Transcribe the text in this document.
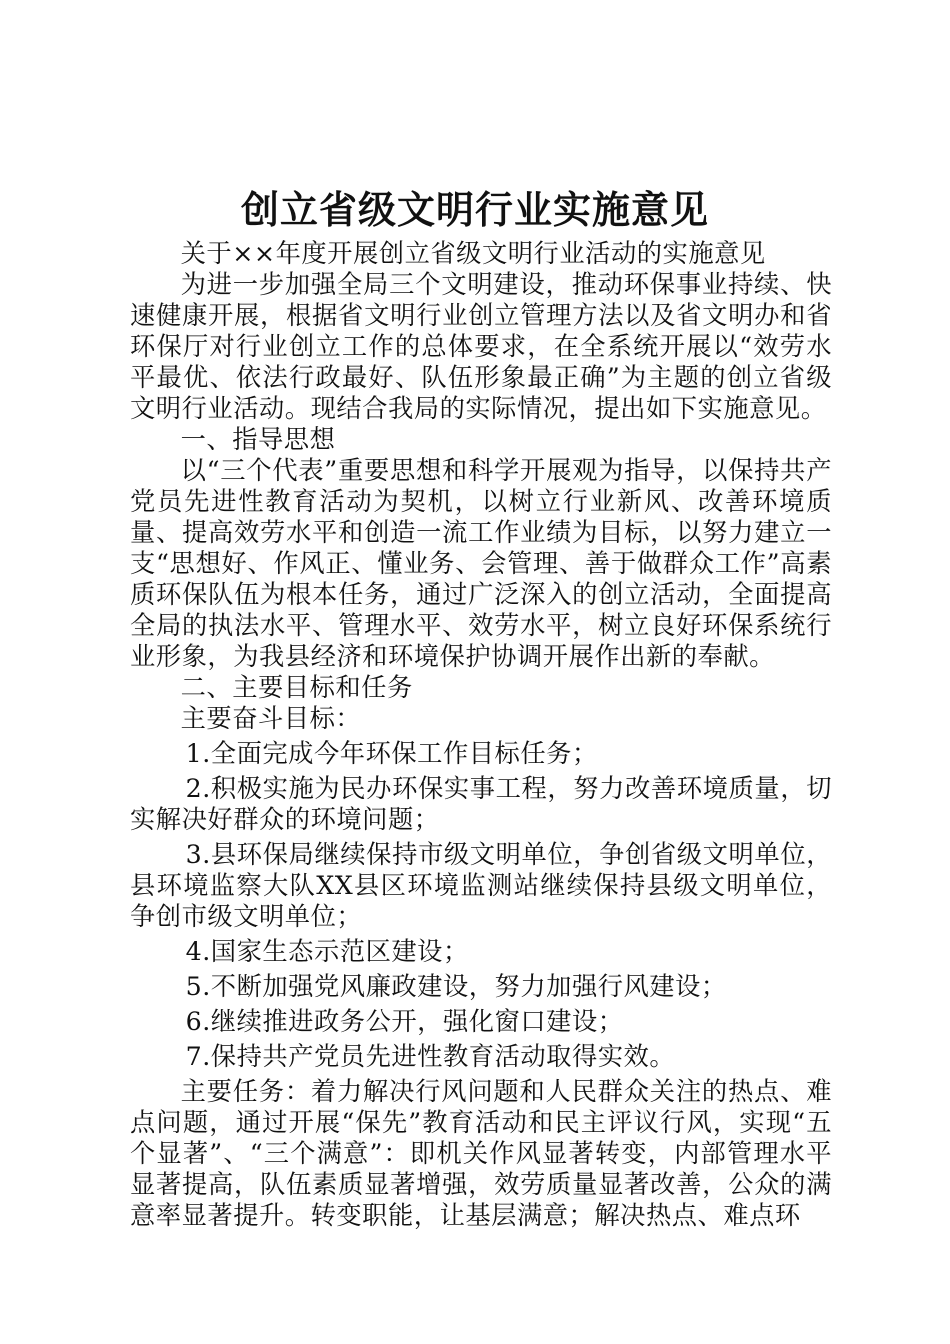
创立省级文明行业实施意见

关于××年度开展创立省级文明行业活动的实施意见

为进一步加强全局三个文明建设，推动环保事业持续、快速健康开展，根据省文明行业创立管理方法以及省文明办和省环保厅对行业创立工作的总体要求，在全系统开展以“效劳水平最优、依法行政最好、队伍形象最正确”为主题的创立省级文明行业活动。现结合我局的实际情况，提出如下实施意见。

一、指导思想

以“三个代表”重要思想和科学开展观为指导，以保持共产党员先进性教育活动为契机，以树立行业新风、改善环境质量、提高效劳水平和创造一流工作业绩为目标，以努力建立一支“思想好、作风正、懂业务、会管理、善于做群众工作”高素质环保队伍为根本任务，通过广泛深入的创立活动，全面提高全局的执法水平、管理水平、效劳水平，树立良好环保系统行业形象，为我县经济和环境保护协调开展作出新的奉献。

二、主要目标和任务

主要奋斗目标：

1.全面完成今年环保工作目标任务；

2.积极实施为民办环保实事工程，努力改善环境质量，切实解决好群众的环境问题；

3.县环保局继续保持市级文明单位，争创省级文明单位，县环境监察大队XX县区环境监测站继续保持县级文明单位，争创市级文明单位；

4.国家生态示范区建设；

5.不断加强党风廉政建设，努力加强行风建设；

6.继续推进政务公开，强化窗口建设；

7.保持共产党员先进性教育活动取得实效。

主要任务：着力解决行风问题和人民群众关注的热点、难点问题，通过开展“保先”教育活动和民主评议行风，实现“五个显著”、“三个满意”：即机关作风显著转变，内部管理水平显著提高，队伍素质显著增强，效劳质量显著改善，公众的满意率显著提升。转变职能，让基层满意；解决热点、难点环
